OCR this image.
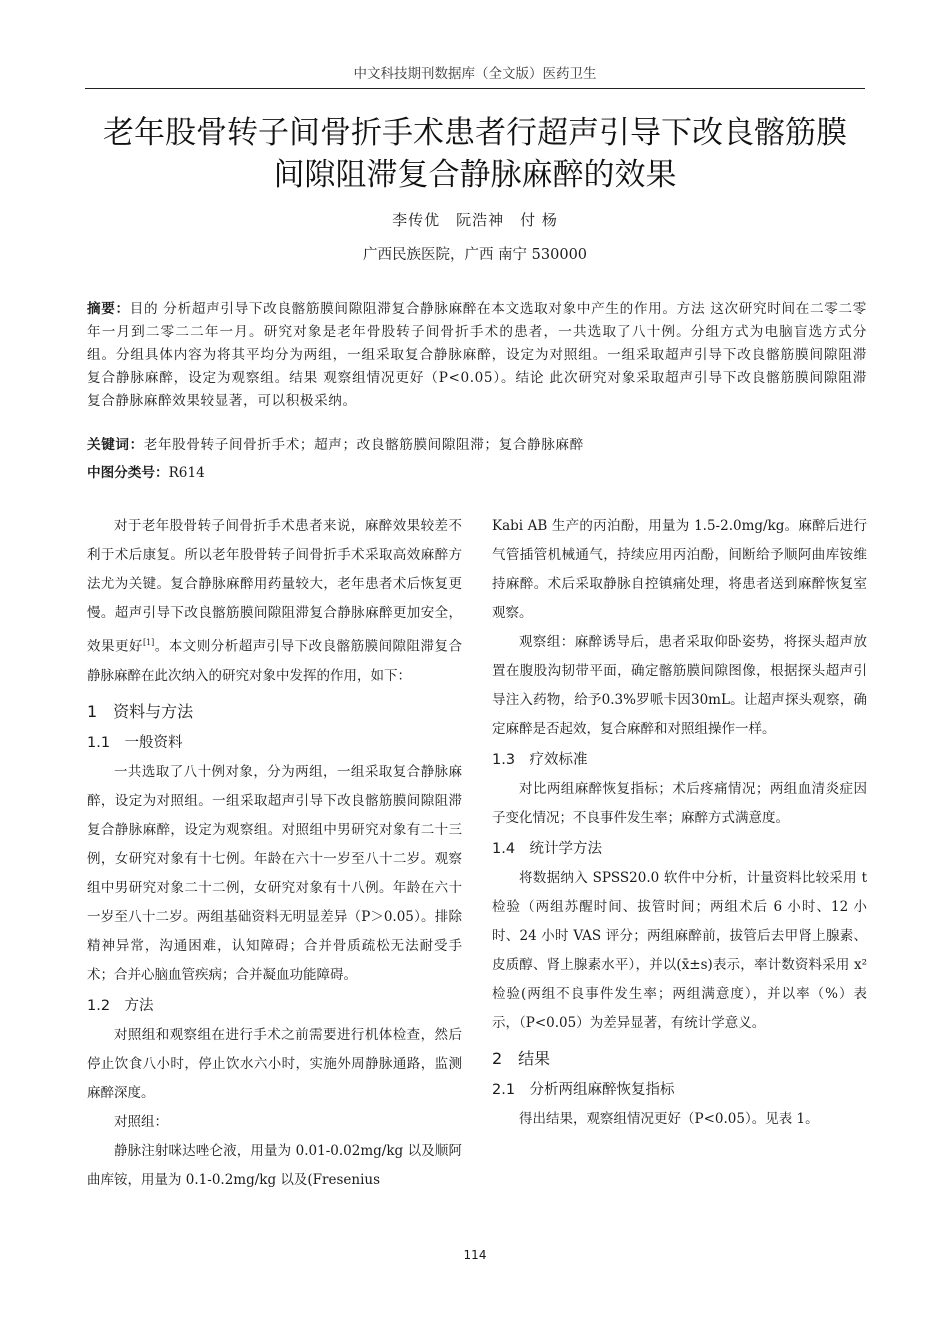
中文科技期刊数据库（全文版）医药卫生
老年股骨转子间骨折手术患者行超声引导下改良髂筋膜
间隙阻滞复合静脉麻醉的效果
李传优　阮浩神　付 杨
广西民族医院，广西 南宁 530000
摘要：目的 分析超声引导下改良髂筋膜间隙阻滞复合静脉麻醉在本文选取对象中产生的作用。方法 这次研究时间在二零二零年一月到二零二二年一月。研究对象是老年骨股转子间骨折手术的患者，一共选取了八十例。分组方式为电脑盲选方式分组。分组具体内容为将其平均分为两组，一组采取复合静脉麻醉，设定为对照组。一组采取超声引导下改良髂筋膜间隙阻滞复合静脉麻醉，设定为观察组。结果 观察组情况更好（P<0.05）。结论 此次研究对象采取超声引导下改良髂筋膜间隙阻滞复合静脉麻醉效果较显著，可以积极采纳。
关键词：老年股骨转子间骨折手术；超声；改良髂筋膜间隙阻滞；复合静脉麻醉
中图分类号：R614

对于老年股骨转子间骨折手术患者来说，麻醉效果较差不利于术后康复。所以老年股骨转子间骨折手术采取高效麻醉方法尤为关键。复合静脉麻醉用药量较大，老年患者术后恢复更慢。超声引导下改良髂筋膜间隙阻滞复合静脉麻醉更加安全，效果更好[1]。本文则分析超声引导下改良髂筋膜间隙阻滞复合静脉麻醉在此次纳入的研究对象中发挥的作用，如下：

1　资料与方法
1.1　一般资料

一共选取了八十例对象，分为两组，一组采取复合静脉麻醉，设定为对照组。一组采取超声引导下改良髂筋膜间隙阻滞复合静脉麻醉，设定为观察组。对照组中男研究对象有二十三例，女研究对象有十七例。年龄在六十一岁至八十二岁。观察组中男研究对象二十二例，女研究对象有十八例。年龄在六十一岁至八十二岁。两组基础资料无明显差异（P＞0.05）。排除精神异常，沟通困难，认知障碍；合并骨质疏松无法耐受手术；合并心脑血管疾病；合并凝血功能障碍。

1.2　方法

对照组和观察组在进行手术之前需要进行机体检查，然后停止饮食八小时，停止饮水六小时，实施外周静脉通路，监测麻醉深度。

对照组：

静脉注射咪达唑仑液，用量为 0.01-0.02mg/kg 以及顺阿曲库铵，用量为 0.1-0.2mg/kg 以及(Fresenius

Kabi AB 生产的丙泊酚，用量为 1.5-2.0mg/kg。麻醉后进行气管插管机械通气，持续应用丙泊酚，间断给予顺阿曲库铵维持麻醉。术后采取静脉自控镇痛处理，将患者送到麻醉恢复室观察。

观察组：麻醉诱导后，患者采取仰卧姿势，将探头超声放置在腹股沟韧带平面，确定髂筋膜间隙图像，根据探头超声引导注入药物，给予0.3%罗哌卡因30mL。让超声探头观察，确定麻醉是否起效，复合麻醉和对照组操作一样。

1.3　疗效标准

对比两组麻醉恢复指标；术后疼痛情况；两组血清炎症因子变化情况；不良事件发生率；麻醉方式满意度。

1.4　统计学方法

将数据纳入 SPSS20.0 软件中分析，计量资料比较采用 t 检验（两组苏醒时间、拔管时间；两组术后 6 小时、12 小时、24 小时 VAS 评分；两组麻醉前，拔管后去甲肾上腺素、皮质醇、肾上腺素水平），并以(x̄±s)表示，率计数资料采用 x²检验(两组不良事件发生率；两组满意度），并以率（%）表示，（P<0.05）为差异显著，有统计学意义。

2　结果
2.1　分析两组麻醉恢复指标

得出结果，观察组情况更好（P<0.05）。见表 1。

114
